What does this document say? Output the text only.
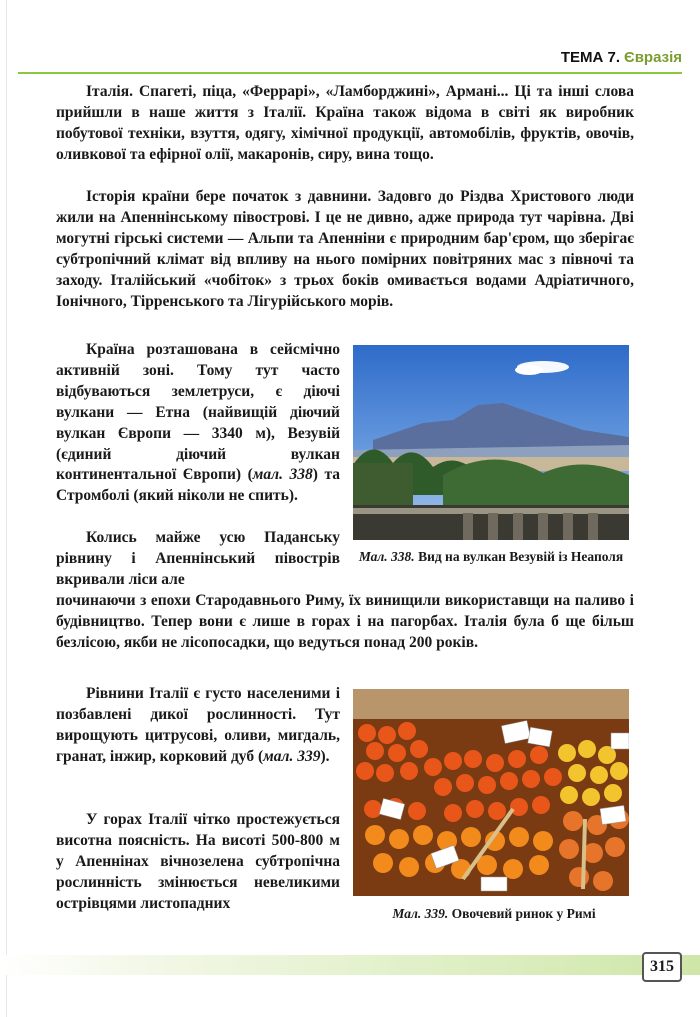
ТЕМА 7. Євразія

Італія. Спагеті, піца, «Феррарі», «Ламборджині», Армані... Ці та інші слова прийшли в наше життя з Італії. Країна також відома в світі як виробник побутової техніки, взуття, одягу, хімічної продукції, автомобілів, фруктів, овочів, оливкової та ефірної олії, макаронів, сиру, вина тощо.

Історія країни бере початок з давнини. Задовго до Різдва Христового люди жили на Апеннінському півострові. І це не дивно, адже природа тут чарівна. Дві могутні гірські системи — Альпи та Апенніни є природним бар'єром, що зберігає субтропічний клімат від впливу на нього помірних повітряних мас з півночі та заходу. Італійський «чобіток» з трьох боків омивається водами Адріатичного, Іонічного, Тірренського та Лігурійського морів.

Країна розташована в сейсмічно активній зоні. Тому тут часто відбуваються землетруси, є діючі вулкани — Етна (найвищій діючий вулкан Європи — 3340 м), Везувій (єдиний діючий вулкан континентальної Європи) (мал. 338) та Стромболі (який ніколи не спить).

Колись майже усю Паданську рівнину і Апеннінський півострів вкривали ліси але

починаючи з епохи Стародавнього Риму, їх винищили використавщи на паливо і будівництво. Тепер вони є лише в горах і на пагорбах. Італія була б ще більш безлісою, якби не лісопосадки, що ведуться понад 200 років.

Рівнини Італії є густо населеними і позбавлені дикої рослинності. Тут вирощують цитрусові, оливи, мигдаль, гранат, інжир, корковий дуб (мал. 339).

У горах Італії чітко простежується висотна поясність. На висоті 500-800 м у Апеннінах вічнозелена субтропічна рослинність змінюється невеликими острівцями листопадних

Мал. 338. Вид на вулкан Везувій із Неаполя

Мал. 339. Овочевий ринок у Римі

315
